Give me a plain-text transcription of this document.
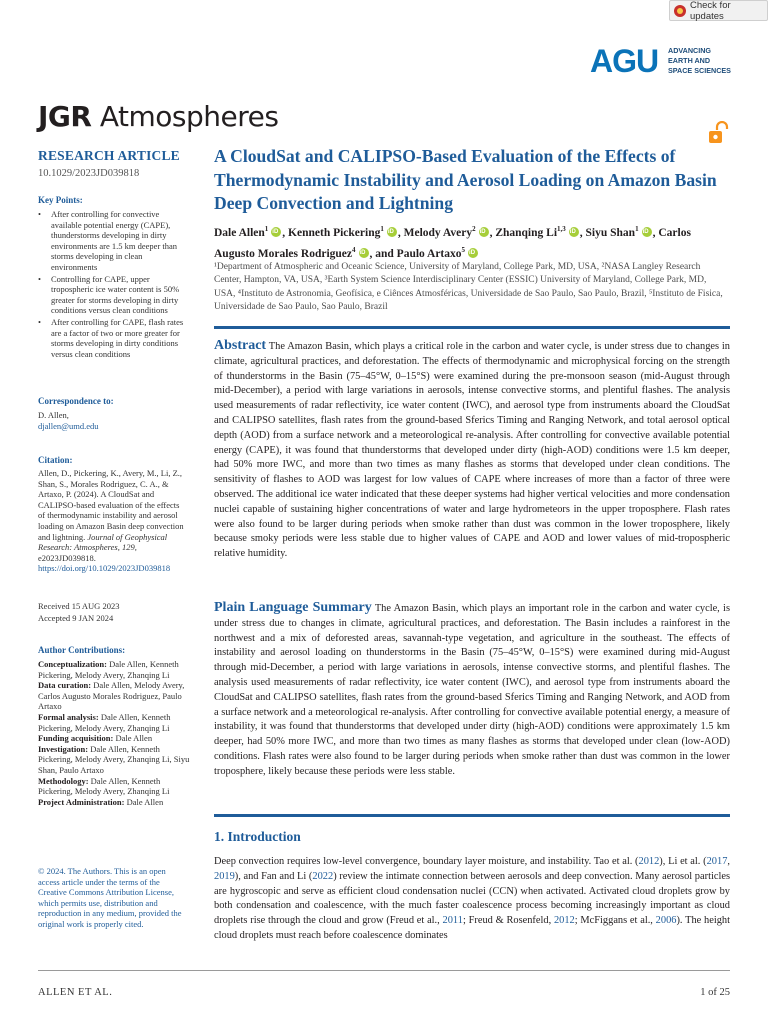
Check for updates
AGU ADVANCING
EARTH AND
SPACE SCIENCES
JGR Atmospheres
RESEARCH ARTICLE
10.1029/2023JD039818
Key Points:
• After controlling for convective available potential energy (CAPE), thunderstorms developing in dirty environments are 1.5 km deeper than storms developing in clean environments
• Controlling for CAPE, upper tropospheric ice water content is 50% greater for storms developing in dirty conditions versus clean conditions
• After controlling for CAPE, flash rates are a factor of two or more greater for storms developing in dirty conditions versus clean conditions
Correspondence to:
D. Allen,
djallen@umd.edu
Citation:
Allen, D., Pickering, K., Avery, M., Li, Z., Shan, S., Morales Rodriguez, C. A., & Artaxo, P. (2024). A CloudSat and CALIPSO-based evaluation of the effects of thermodynamic instability and aerosol loading on Amazon Basin deep convection and lightning. Journal of Geophysical Research: Atmospheres, 129, e2023JD039818. https://doi.org/10.1029/2023JD039818
Received 15 AUG 2023
Accepted 9 JAN 2024
Author Contributions:
Conceptualization: Dale Allen, Kenneth Pickering, Melody Avery, Zhanqing Li
Data curation: Dale Allen, Melody Avery, Carlos Augusto Morales Rodriguez, Paulo Artaxo
Formal analysis: Dale Allen, Kenneth Pickering, Melody Avery, Zhanqing Li
Funding acquisition: Dale Allen
Investigation: Dale Allen, Kenneth Pickering, Melody Avery, Zhanqing Li, Siyu Shan, Paulo Artaxo
Methodology: Dale Allen, Kenneth Pickering, Melody Avery, Zhanqing Li
Project Administration: Dale Allen
© 2024. The Authors. This is an open access article under the terms of the Creative Commons Attribution License, which permits use, distribution and reproduction in any medium, provided the original work is properly cited.
A CloudSat and CALIPSO-Based Evaluation of the Effects of Thermodynamic Instability and Aerosol Loading on Amazon Basin Deep Convection and Lightning
Dale Allen$^1$ iD , Kenneth Pickering$^1$ iD , Melody Avery$^2$ iD , Zhanqing Li$^{1,3}$ iD , Siyu Shan$^1$ iD , Carlos Augusto Morales Rodriguez$^4$ iD , and Paulo Artaxo$^5$iD
¹Department of Atmospheric and Oceanic Science, University of Maryland, College Park, MD, USA, ²NASA Langley Research Center, Hampton, VA, USA, ³Earth System Science Interdisciplinary Center (ESSIC) University of Maryland, College Park, MD, USA, ⁴Instituto de Astronomia, Geofísica, e Ciênces Atmosféricas, Universidade de Sao Paulo, Sao Paulo, Brazil, ⁵Instituto de Fisica, Universidade de Sao Paulo, Sao Paulo, Brazil
Abstract The Amazon Basin, which plays a critical role in the carbon and water cycle, is under stress due to changes in climate, agricultural practices, and deforestation. The effects of thermodynamic and microphysical forcing on the strength of thunderstorms in the Basin (75–45°W, 0–15°S) were examined during the pre-monsoon season (mid-August through mid-December), a period with large variations in aerosols, intense convective storms, and plentiful flashes. The analysis used measurements of radar reflectivity, ice water content (IWC), and aerosol type from instruments aboard the CloudSat and CALIPSO satellites, flash rates from the ground-based Sferics Timing and Ranging Network, and total aerosol optical depth (AOD) from a surface network and a meteorological re-analysis. After controlling for convective available potential energy (CAPE), it was found that thunderstorms that developed under dirty (high-AOD) conditions were 1.5 km deeper, had 50% more IWC, and more than two times as many flashes as storms that developed under clean conditions. The sensitivity of flashes to AOD was largest for low values of CAPE where increases of more than a factor of three were observed. The additional ice water indicated that these deeper systems had higher vertical velocities and more condensation nuclei capable of sustaining higher concentrations of water and large hydrometeors in the upper troposphere. Flash rates were also found to be larger during periods when smoke rather than dust was common in the lower troposphere, likely because smoky periods were less stable due to higher values of CAPE and AOD and lower values of mid-tropospheric relative humidity.
Plain Language Summary The Amazon Basin, which plays an important role in the carbon and water cycle, is under stress due to changes in climate, agricultural practices, and deforestation. The Basin includes a rainforest in the northwest and a mix of deforested areas, savannah-type vegetation, and agriculture in the southeast. The effects of instability and aerosol loading on thunderstorms in the Basin (75–45°W, 0–15°S) were examined during mid-August through mid-December, a period with large variations in aerosols, intense convective storms, and plentiful flashes. The analysis used measurements of radar reflectivity, ice water content (IWC), and aerosol type from instruments aboard the CloudSat and CALIPSO satellites, flash rates from the ground-based Sferics Timing and Ranging Network, and AOD from a surface network and a meteorological re-analysis. After controlling for convective available potential energy, a measure of instability, it was found that thunderstorms that developed under dirty (high-AOD) conditions were approximately 1.5 km deeper, had 50% more IWC, and more than two times as many flashes as storms that developed under clean (low-AOD) conditions. Flash rates were also found to be larger during periods when smoke rather than dust was common in the lower troposphere, likely because these periods were less stable.
1. Introduction
Deep convection requires low-level convergence, boundary layer moisture, and instability. Tao et al. (2012), Li et al. (2017, 2019), and Fan and Li (2022) review the intimate connection between aerosols and deep convection. Many aerosol particles are hygroscopic and serve as efficient cloud condensation nuclei (CCN) when activated. Activated cloud droplets grow by both condensation and coalescence, with the much faster coalescence process becoming increasingly important as cloud droplets rise through the cloud and grow (Freud et al., 2011; Freud & Rosenfeld, 2012; McFiggans et al., 2006). The height cloud droplets must reach before coalescence dominates
ALLEN ET AL.	1 of 25
